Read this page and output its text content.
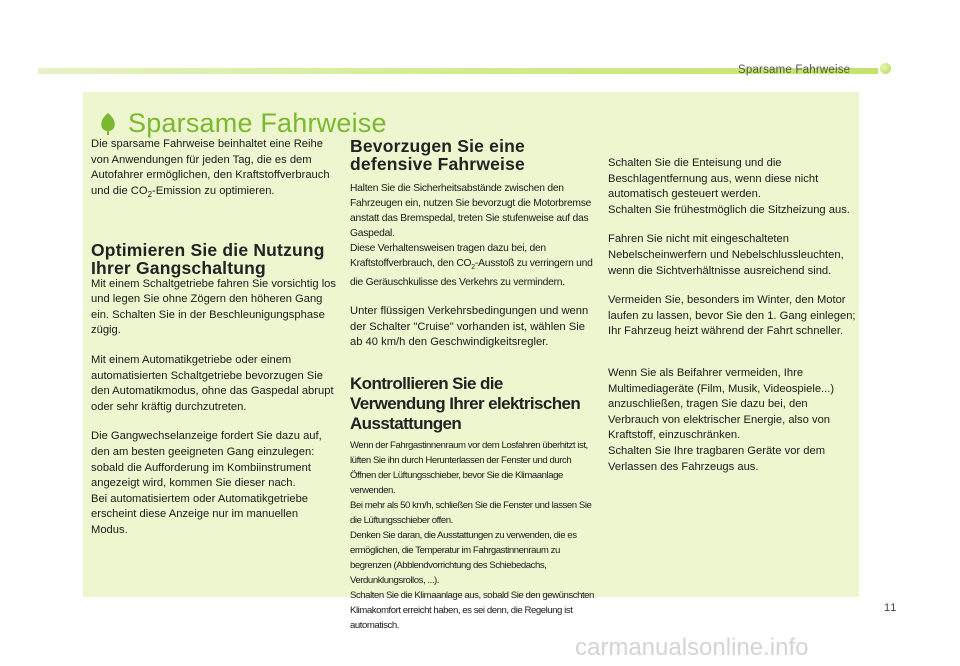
Sparsame Fahrweise
Sparsame Fahrweise

Die sparsame Fahrweise beinhaltet eine Reihe von Anwendungen für jeden Tag, die es dem Autofahrer ermöglichen, den Kraftstoffverbrauch und die $CO_2$-Emission zu optimieren.

Optimieren Sie die Nutzung Ihrer Gangschaltung

Mit einem Schaltgetriebe fahren Sie vorsichtig los und legen Sie ohne Zögern den höheren Gang ein. Schalten Sie in der Beschleunigungsphase zügig.

Mit einem Automatikgetriebe oder einem automatisierten Schaltgetriebe bevorzugen Sie den Automatikmodus, ohne das Gaspedal abrupt oder sehr kräftig durchzutreten.

Die Gangwechselanzeige fordert Sie dazu auf, den am besten geeigneten Gang einzulegen: sobald die Aufforderung im Kombiinstrument angezeigt wird, kommen Sie dieser nach.

Bei automatisiertem oder Automatikgetriebe erscheint diese Anzeige nur im manuellen Modus.

Bevorzugen Sie eine defensive Fahrweise

Halten Sie die Sicherheitsabstände zwischen den Fahrzeugen ein, nutzen Sie bevorzugt die Motorbremse anstatt das Bremspedal, treten Sie stufenweise auf das Gaspedal.

Diese Verhaltensweisen tragen dazu bei, den Kraftstoffverbrauch, den $CO_2$-Ausstoß zu verringern und die Geräuschkulisse des Verkehrs zu vermindern.

Unter flüssigen Verkehrsbedingungen und wenn der Schalter "Cruise" vorhanden ist, wählen Sie ab 40 km/h den Geschwindigkeitsregler.

Kontrollieren Sie die Verwendung Ihrer elektrischen Ausstattungen

Wenn der Fahrgastinnenraum vor dem Losfahren überhitzt ist, lüften Sie ihn durch Herunterlassen der Fenster und durch Öffnen der Lüftungsschieber, bevor Sie die Klimaanlage verwenden.

Bei mehr als 50 km/h, schließen Sie die Fenster und lassen Sie die Lüftungsschieber offen.

Denken Sie daran, die Ausstattungen zu verwenden, die es ermöglichen, die Temperatur im Fahrgastinnenraum zu begrenzen (Abblendvorrichtung des Schiebedachs, Verdunklungsrollos, ...).

Schalten Sie die Klimaanlage aus, sobald Sie den gewünschten Klimakomfort erreicht haben, es sei denn, die Regelung ist automatisch.

Schalten Sie die Enteisung und die Beschlagentfernung aus, wenn diese nicht automatisch gesteuert werden.

Schalten Sie frühestmöglich die Sitzheizung aus.

Fahren Sie nicht mit eingeschalteten Nebelscheinwerfern und Nebelschlussleuchten, wenn die Sichtverhältnisse ausreichend sind.

Vermeiden Sie, besonders im Winter, den Motor laufen zu lassen, bevor Sie den 1. Gang einlegen; Ihr Fahrzeug heizt während der Fahrt schneller.

Wenn Sie als Beifahrer vermeiden, Ihre Multimediageräte (Film, Musik, Videospiele...) anzuschließen, tragen Sie dazu bei, den Verbrauch von elektrischer Energie, also von Kraftstoff, einzuschränken.

Schalten Sie Ihre tragbaren Geräte vor dem Verlassen des Fahrzeugs aus.

11
carmanualsonline.info
